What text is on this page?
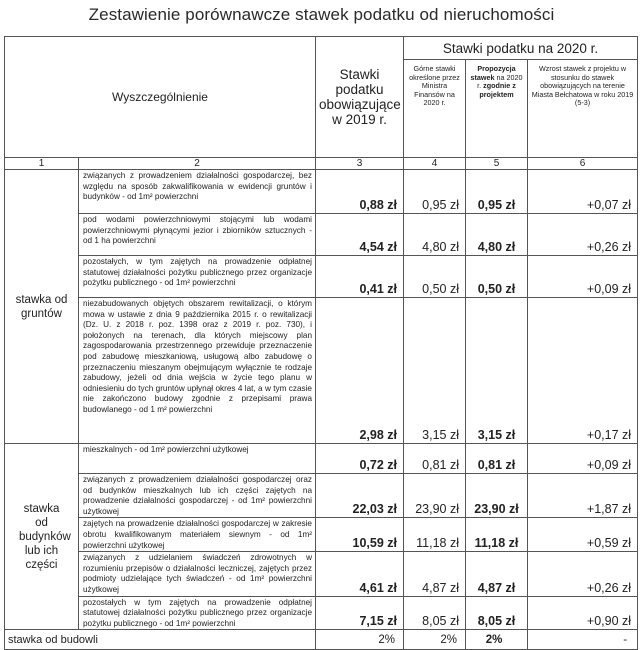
Zestawienie porównawcze stawek podatku od nieruchomości
Wyszczególnienie		Stawki podatku obowiązujące w 2019 r.	Stawki podatku na 2020 r.		
			Górne stawki określone przez Ministra Finansów na 2020 r.	Propozycja stawek na 2020 r. zgodnie z projektem	Wzrost stawek z projektu w stosunku do stawek obowiązujących na terenie Miasta Bełchatowa w roku 2019 (5-3)
1	2	3	4	5	6
stawka od gruntów	związanych z prowadzeniem działalności gospodarczej, bez względu na sposób zakwalifikowania w ewidencji gruntów i budynków - od 1m² powierzchni	0,88 zł	0,95 zł	0,95 zł	+0,07 zł
	pod wodami powierzchniowymi stojącymi lub wodami powierzchniowymi płynącymi jezior i zbiorników sztucznych - od 1 ha powierzchni	4,54 zł	4,80 zł	4,80 zł	+0,26 zł
	pozostałych, w tym zajętych na prowadzenie odpłatnej statutowej działalności pożytku publicznego przez organizacje pożytku publicznego - od 1m² powierzchni	0,41 zł	0,50 zł	0,50 zł	+0,09 zł
	niezabudowanych objętych obszarem rewitalizacji, o którym mowa w ustawie z dnia 9 października 2015 r. o rewitalizacji (Dz. U. z 2018 r. poz. 1398 oraz z 2019 r. poz. 730), i położonych na terenach, dla których miejscowy plan zagospodarowania przestrzennego przewiduje przeznaczenie pod zabudowę mieszkaniową, usługową albo zabudowę o przeznaczeniu mieszanym obejmującym wyłącznie te rodzaje zabudowy, jeżeli od dnia wejścia w życie tego planu w odniesieniu do tych gruntów upłynął okres 4 lat, a w tym czasie nie zakończono budowy zgodnie z przepisami prawa budowlanego - od 1 m² powierzchni	2,98 zł	3,15 zł	3,15 zł	+0,17 zł
stawka od budynków lub ich części	mieszkalnych - od 1m² powierzchni użytkowej	0,72 zł	0,81 zł	0,81 zł	+0,09 zł
	związanych z prowadzeniem działalności gospodarczej oraz od budynków mieszkalnych lub ich części zajętych na prowadzenie działalności gospodarczej - od 1m² powierzchni użytkowej	22,03 zł	23,90 zł	23,90 zł	+1,87 zł
	zajętych na prowadzenie działalności gospodarczej w zakresie obrotu kwalifikowanym materiałem siewnym - od 1m² powierzchni użytkowej	10,59 zł	11,18 zł	11,18 zł	+0,59 zł
	związanych z udzielaniem świadczeń zdrowotnych w rozumieniu przepisów o działalności leczniczej, zajętych przez podmioty udzielające tych świadczeń - od 1m² powierzchni użytkowej	4,61 zł	4,87 zł	4,87 zł	+0,26 zł
	pozostałych w tym zajętych na prowadzenie odpłatnej statutowej działalności pożytku publicznego przez organizacje pożytku publicznego - od 1m² powierzchni	7,15 zł	8,05 zł	8,05 zł	+0,90 zł
stawka od budowli		2%	2%	2%	-
